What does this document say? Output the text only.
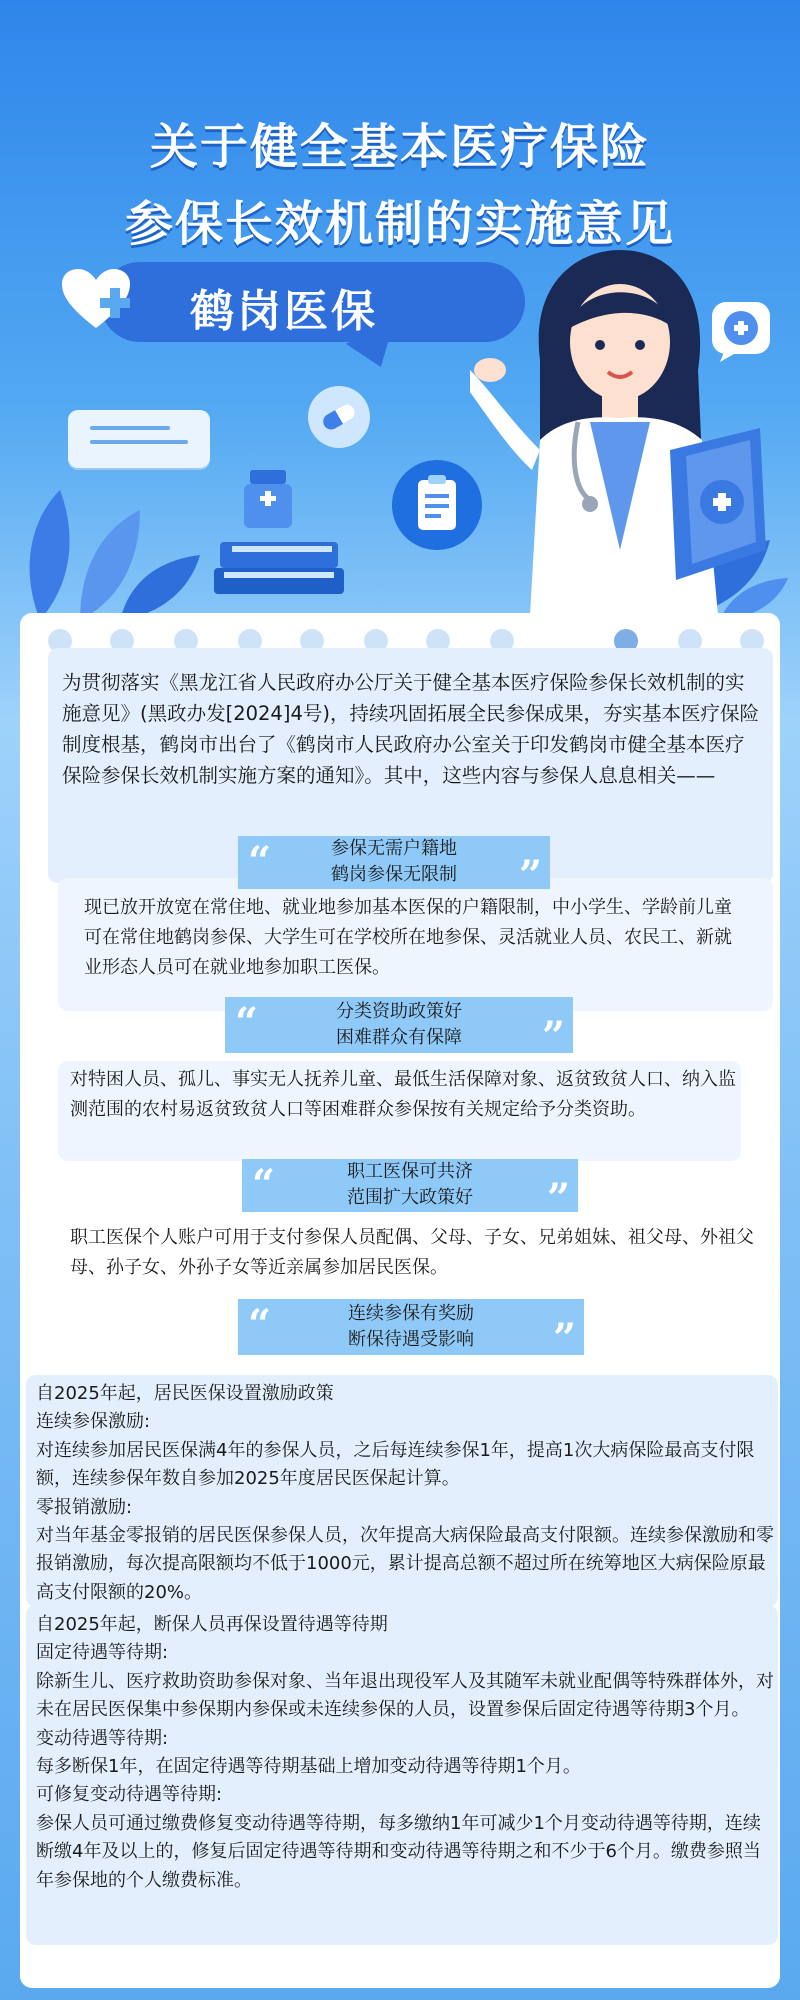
关于健全基本医疗保险
参保长效机制的实施意见
鹤岗医保

为贯彻落实《黑龙江省人民政府办公厅关于健全基本医疗保险参保长效机制的实施意见》(黑政办发[2024]4号)，持续巩固拓展全民参保成果，夯实基本医疗保险制度根基，鹤岗市出台了《鹤岗市人民政府办公室关于印发鹤岗市健全基本医疗保险参保长效机制实施方案的通知》。其中，这些内容与参保人息息相关——

“	参保无需户籍地
鹤岗参保无限制	”

现已放开放宽在常住地、就业地参加基本医保的户籍限制，中小学生、学龄前儿童可在常住地鹤岗参保、大学生可在学校所在地参保、灵活就业人员、农民工、新就业形态人员可在就业地参加职工医保。

“	分类资助政策好
困难群众有保障	”

对特困人员、孤儿、事实无人抚养儿童、最低生活保障对象、返贫致贫人口、纳入监测范围的农村易返贫致贫人口等困难群众参保按有关规定给予分类资助。

“	职工医保可共济
范围扩大政策好	”

职工医保个人账户可用于支付参保人员配偶、父母、子女、兄弟姐妹、祖父母、外祖父母、孙子女、外孙子女等近亲属参加居民医保。

“	连续参保有奖励
断保待遇受影响	”
自2025年起，居民医保设置激励政策
连续参保激励:
对连续参加居民医保满4年的参保人员，之后每连续参保1年，提高1次大病保险最高支付限额，连续参保年数自参加2025年度居民医保起计算。
零报销激励:
对当年基金零报销的居民医保参保人员，次年提高大病保险最高支付限额。连续参保激励和零报销激励，每次提高限额均不低于1000元，累计提高总额不超过所在统筹地区大病保险原最高支付限额的20%。
自2025年起，断保人员再保设置待遇等待期
固定待遇等待期:
除新生儿、医疗救助资助参保对象、当年退出现役军人及其随军未就业配偶等特殊群体外，对未在居民医保集中参保期内参保或未连续参保的人员，设置参保后固定待遇等待期3个月。
变动待遇等待期:
每多断保1年，在固定待遇等待期基础上增加变动待遇等待期1个月。
可修复变动待遇等待期:
参保人员可通过缴费修复变动待遇等待期，每多缴纳1年可减少1个月变动待遇等待期，连续断缴4年及以上的，修复后固定待遇等待期和变动待遇等待期之和不少于6个月。缴费参照当年参保地的个人缴费标准。
